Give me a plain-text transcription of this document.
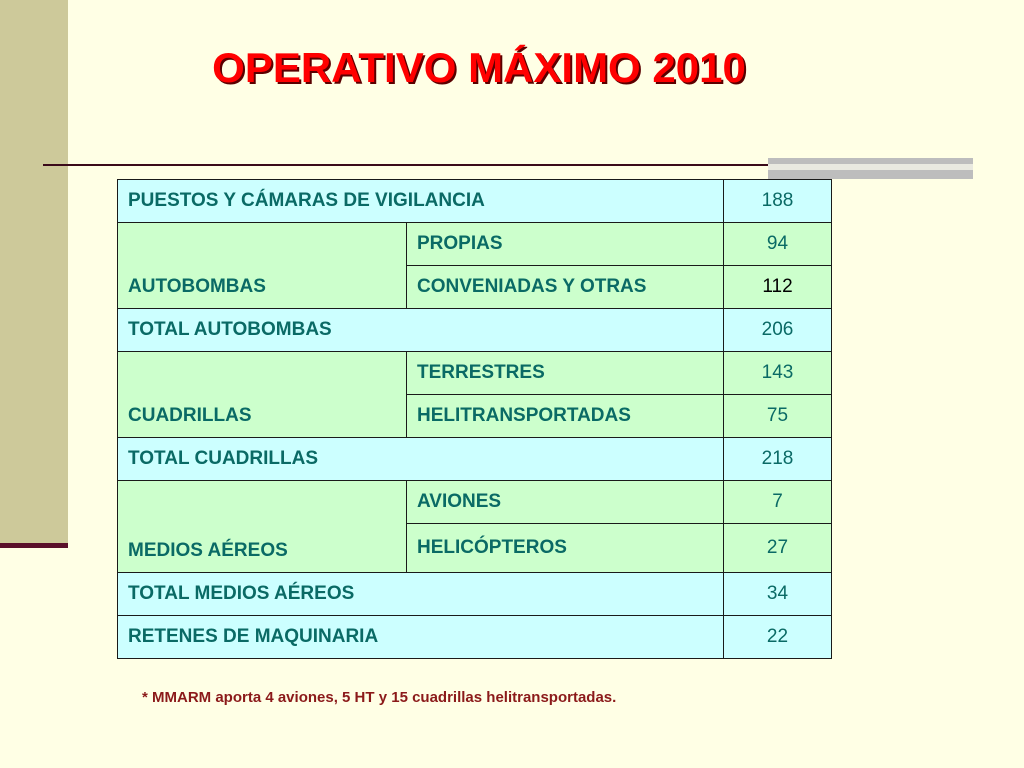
OPERATIVO MÁXIMO 2010
PUESTOS Y CÁMARAS DE VIGILANCIA		188
AUTOBOMBAS	PROPIAS	94
	CONVENIADAS Y OTRAS	112
TOTAL AUTOBOMBAS		206
CUADRILLAS	TERRESTRES	143
	HELITRANSPORTADAS	75
TOTAL CUADRILLAS		218
MEDIOS AÉREOS	AVIONES	7
	HELICÓPTEROS	27
TOTAL MEDIOS AÉREOS		34
RETENES DE MAQUINARIA		22
* MMARM aporta 4 aviones, 5 HT y 15 cuadrillas helitransportadas.
